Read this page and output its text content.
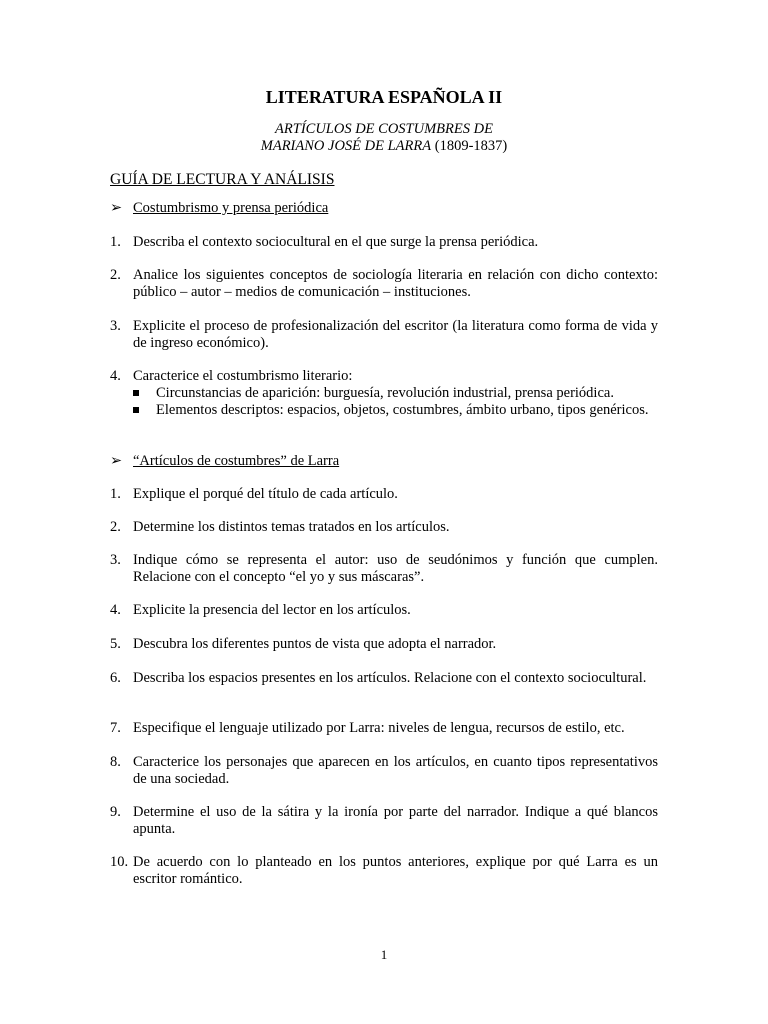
LITERATURA ESPAÑOLA II
ARTÍCULOS DE COSTUMBRES DE
MARIANO JOSÉ DE LARRA (1809-1837)
GUÍA DE LECTURA Y ANÁLISIS
➢ Costumbrismo y prensa periódica
1. Describa el contexto sociocultural en el que surge la prensa periódica.
2. Analice los siguientes conceptos de sociología literaria en relación con dicho contexto: público – autor – medios de comunicación – instituciones.
3. Explicite el proceso de profesionalización del escritor (la literatura como forma de vida y de ingreso económico).
4. Caracterice el costumbrismo literario:
Circunstancias de aparición: burguesía, revolución industrial, prensa periódica.
Elementos descriptos: espacios, objetos, costumbres, ámbito urbano, tipos genéricos.
➢ “Artículos de costumbres” de Larra
1. Explique el porqué del título de cada artículo.
2. Determine los distintos temas tratados en los artículos.
3. Indique cómo se representa el autor: uso de seudónimos y función que cumplen. Relacione con el concepto “el yo y sus máscaras”.
4. Explicite la presencia del lector en los artículos.
5. Descubra los diferentes puntos de vista que adopta el narrador.
6. Describa los espacios presentes en los artículos. Relacione con el contexto sociocultural.
7. Especifique el lenguaje utilizado por Larra: niveles de lengua, recursos de estilo, etc.
8. Caracterice los personajes que aparecen en los artículos, en cuanto tipos representativos de una sociedad.
9. Determine el uso de la sátira y la ironía por parte del narrador. Indique a qué blancos apunta.
10. De acuerdo con lo planteado en los puntos anteriores, explique por qué Larra es un escritor romántico.
1
